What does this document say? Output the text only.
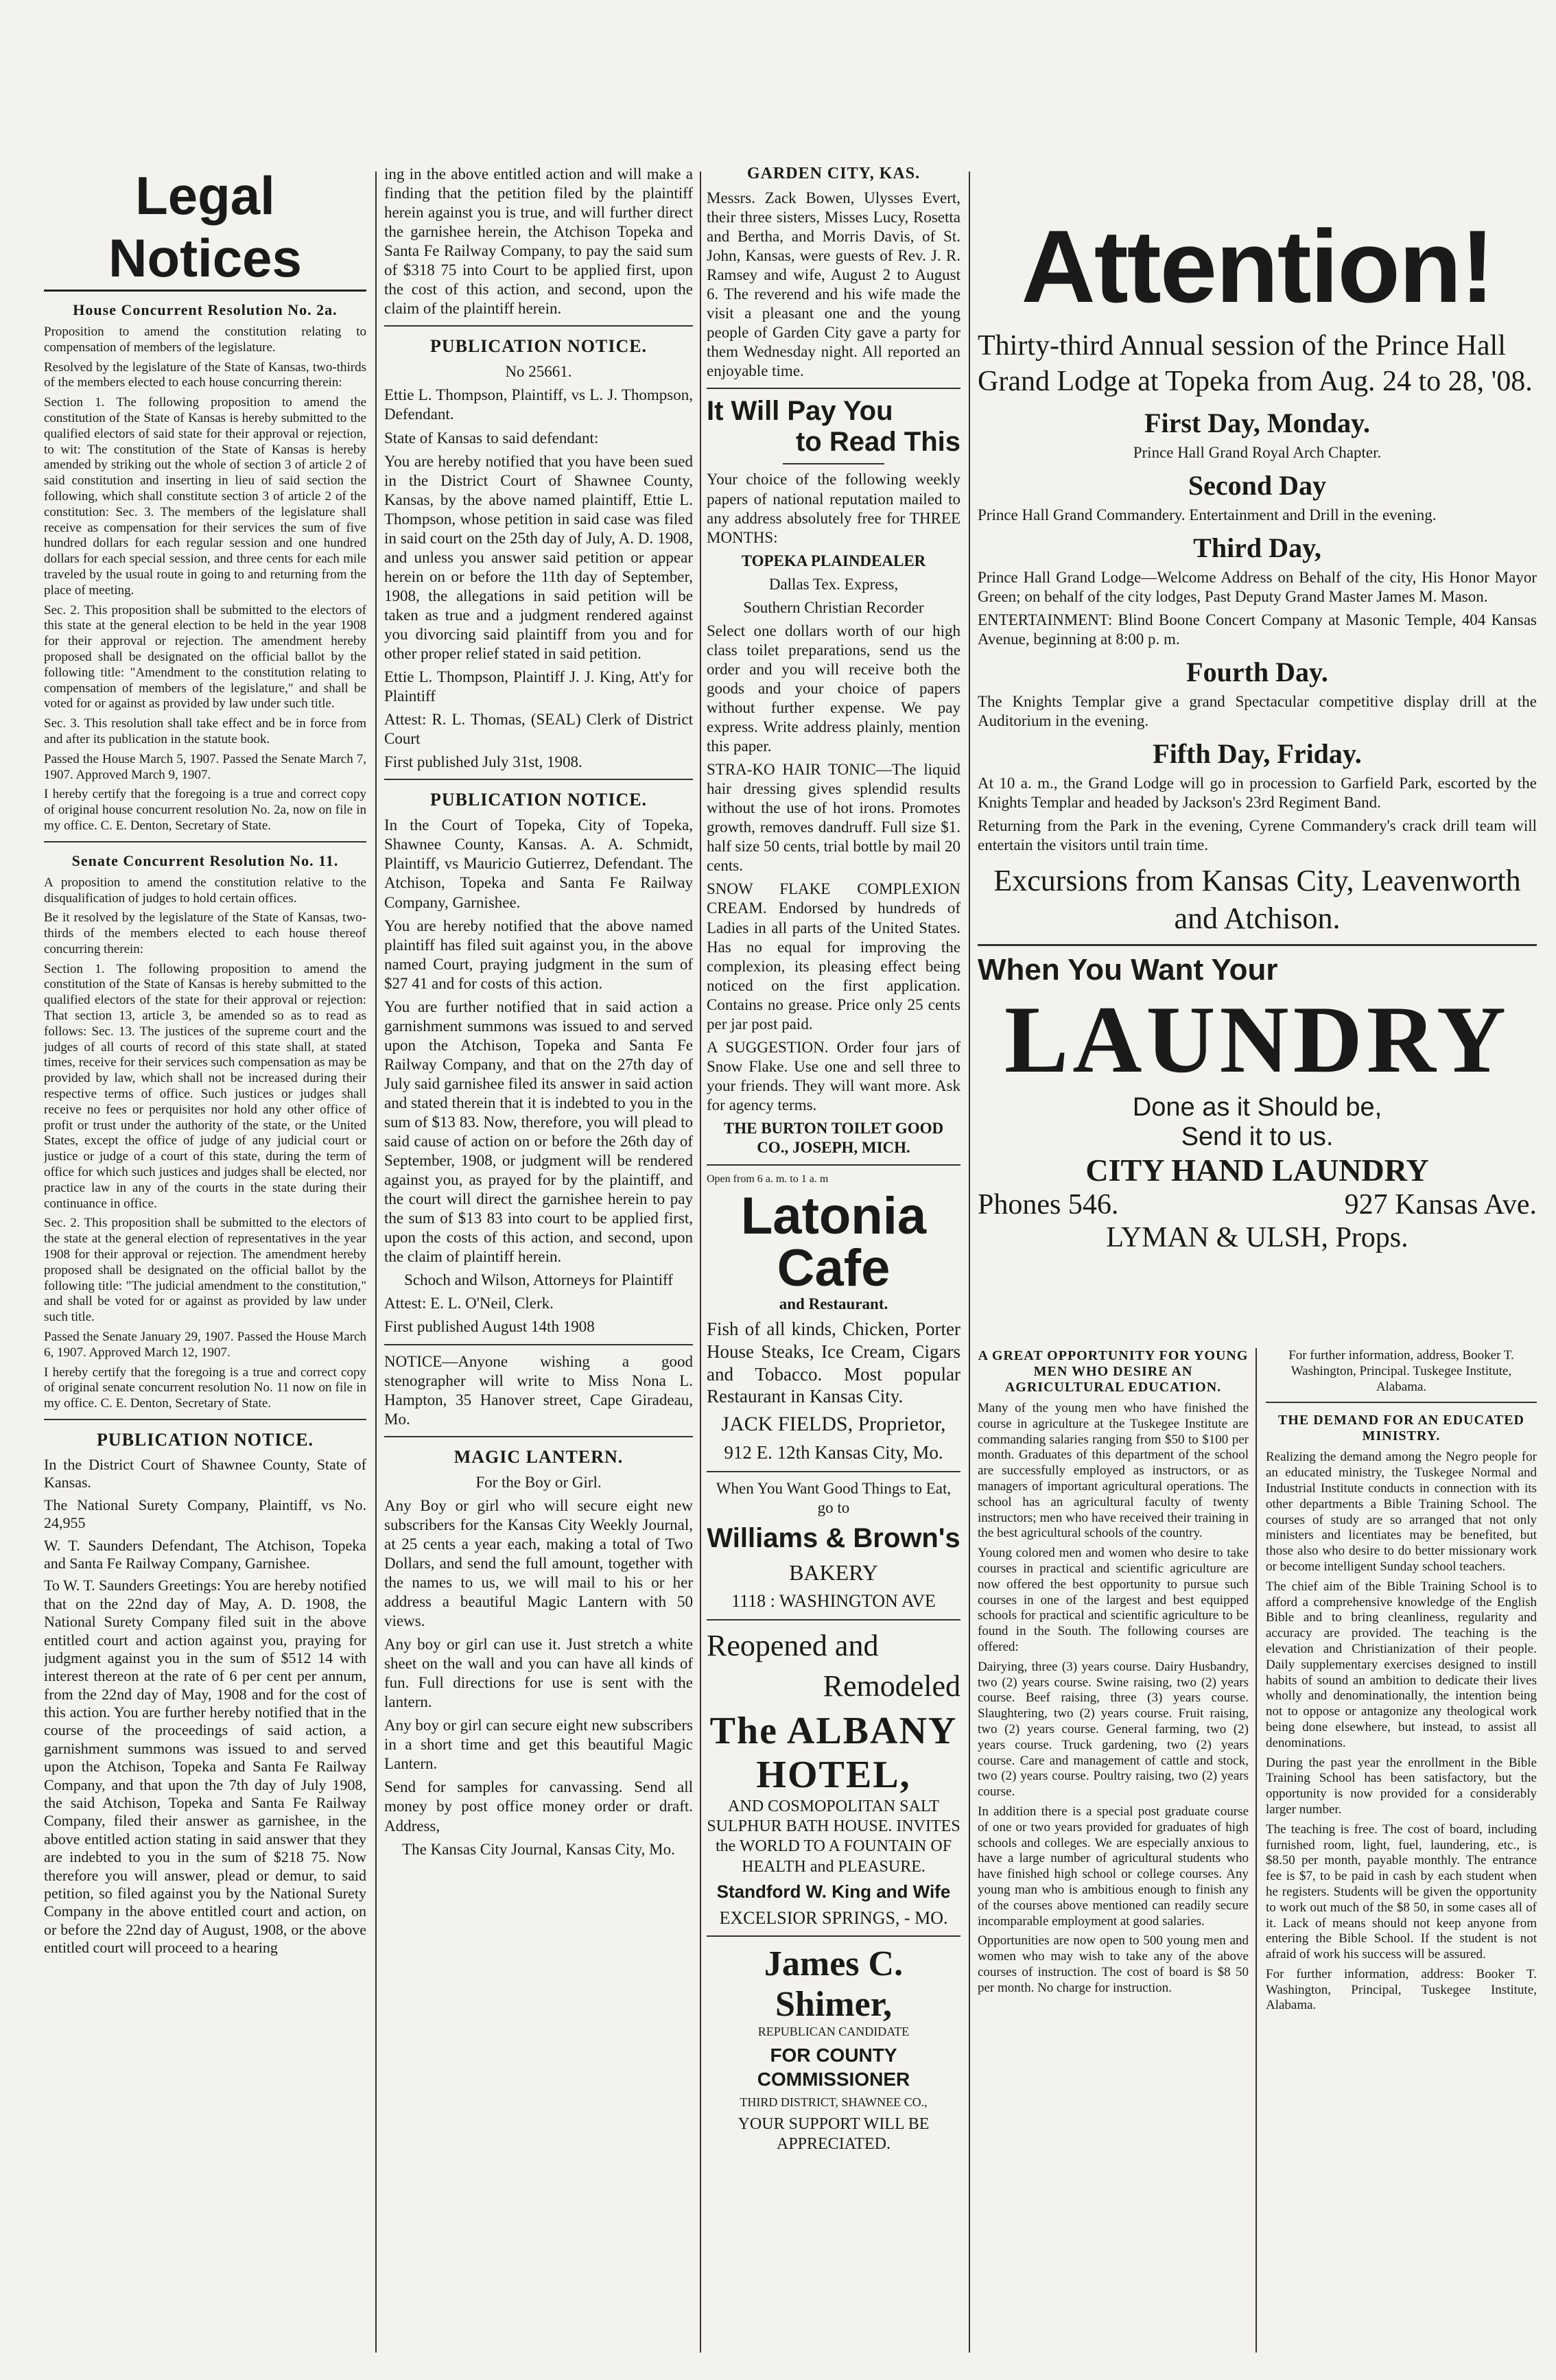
Legal Notices
House Concurrent Resolution No. 2a.

Proposition to amend the constitution relating to compensation of members of the legislature.

Resolved by the legislature of the State of Kansas, two-thirds of the members elected to each house concurring therein:

Section 1. The following proposition to amend the constitution of the State of Kansas is hereby submitted to the qualified electors of said state for their approval or rejection, to wit: The constitution of the State of Kansas is hereby amended by striking out the whole of section 3 of article 2 of said constitution and inserting in lieu of said section the following, which shall constitute section 3 of article 2 of the constitution: Sec. 3. The members of the legislature shall receive as compensation for their services the sum of five hundred dollars for each regular session and one hundred dollars for each special session, and three cents for each mile traveled by the usual route in going to and returning from the place of meeting.

Sec. 2. This proposition shall be submitted to the electors of this state at the general election to be held in the year 1908 for their approval or rejection. The amendment hereby proposed shall be designated on the official ballot by the following title: "Amendment to the constitution relating to compensation of members of the legislature," and shall be voted for or against as provided by law under such title.

Sec. 3. This resolution shall take effect and be in force from and after its publication in the statute book.

Passed the House March 5, 1907. Passed the Senate March 7, 1907. Approved March 9, 1907.

I hereby certify that the foregoing is a true and correct copy of original house concurrent resolution No. 2a, now on file in my office. C. E. Denton, Secretary of State.

Senate Concurrent Resolution No. 11.

A proposition to amend the constitution relative to the disqualification of judges to hold certain offices.

Be it resolved by the legislature of the State of Kansas, two-thirds of the members elected to each house thereof concurring therein:

Section 1. The following proposition to amend the constitution of the State of Kansas is hereby submitted to the qualified electors of the state for their approval or rejection: That section 13, article 3, be amended so as to read as follows: Sec. 13. The justices of the supreme court and the judges of all courts of record of this state shall, at stated times, receive for their services such compensation as may be provided by law, which shall not be increased during their respective terms of office. Such justices or judges shall receive no fees or perquisites nor hold any other office of profit or trust under the authority of the state, or the United States, except the office of judge of any judicial court or justice or judge of a court of this state, during the term of office for which such justices and judges shall be elected, nor practice law in any of the courts in the state during their continuance in office.

Sec. 2. This proposition shall be submitted to the electors of the state at the general election of representatives in the year 1908 for their approval or rejection. The amendment hereby proposed shall be designated on the official ballot by the following title: "The judicial amendment to the constitution," and shall be voted for or against as provided by law under such title.

Passed the Senate January 29, 1907. Passed the House March 6, 1907. Approved March 12, 1907.

I hereby certify that the foregoing is a true and correct copy of original senate concurrent resolution No. 11 now on file in my office. C. E. Denton, Secretary of State.

PUBLICATION NOTICE.

In the District Court of Shawnee County, State of Kansas.

The National Surety Company, Plaintiff, vs No. 24,955

W. T. Saunders Defendant, The Atchison, Topeka and Santa Fe Railway Company, Garnishee.

To W. T. Saunders Greetings: You are hereby notified that on the 22nd day of May, A. D. 1908, the National Surety Company filed suit in the above entitled court and action against you, praying for judgment against you in the sum of $512 14 with interest thereon at the rate of 6 per cent per annum, from the 22nd day of May, 1908 and for the cost of this action. You are further hereby notified that in the course of the proceedings of said action, a garnishment summons was issued to and served upon the Atchison, Topeka and Santa Fe Railway Company, and that upon the 7th day of July 1908, the said Atchison, Topeka and Santa Fe Railway Company, filed their answer as garnishee, in the above entitled action stating in said answer that they are indebted to you in the sum of $218 75. Now therefore you will answer, plead or demur, to said petition, so filed against you by the National Surety Company in the above entitled court and action, on or before the 22nd day of August, 1908, or the above entitled court will proceed to a hearing

ing in the above entitled action and will make a finding that the petition filed by the plaintiff herein against you is true, and will further direct the garnishee herein, the Atchison Topeka and Santa Fe Railway Company, to pay the said sum of $318 75 into Court to be applied first, upon the cost of this action, and second, upon the claim of the plaintiff herein.

PUBLICATION NOTICE.

No 25661.

Ettie L. Thompson, Plaintiff, vs L. J. Thompson, Defendant.

State of Kansas to said defendant:

You are hereby notified that you have been sued in the District Court of Shawnee County, Kansas, by the above named plaintiff, Ettie L. Thompson, whose petition in said case was filed in said court on the 25th day of July, A. D. 1908, and unless you answer said petition or appear herein on or before the 11th day of September, 1908, the allegations in said petition will be taken as true and a judgment rendered against you divorcing said plaintiff from you and for other proper relief stated in said petition.

Ettie L. Thompson, Plaintiff J. J. King, Att'y for Plaintiff

Attest: R. L. Thomas, (SEAL) Clerk of District Court

First published July 31st, 1908.

PUBLICATION NOTICE.

In the Court of Topeka, City of Topeka, Shawnee County, Kansas. A. A. Schmidt, Plaintiff, vs Mauricio Gutierrez, Defendant. The Atchison, Topeka and Santa Fe Railway Company, Garnishee.

You are hereby notified that the above named plaintiff has filed suit against you, in the above named Court, praying judgment in the sum of $27 41 and for costs of this action.

You are further notified that in said action a garnishment summons was issued to and served upon the Atchison, Topeka and Santa Fe Railway Company, and that on the 27th day of July said garnishee filed its answer in said action and stated therein that it is indebted to you in the sum of $13 83. Now, therefore, you will plead to said cause of action on or before the 26th day of September, 1908, or judgment will be rendered against you, as prayed for by the plaintiff, and the court will direct the garnishee herein to pay the sum of $13 83 into court to be applied first, upon the costs of this action, and second, upon the claim of plaintiff herein.

Schoch and Wilson, Attorneys for Plaintiff

Attest: E. L. O'Neil, Clerk.

First published August 14th 1908

NOTICE—Anyone wishing a good stenographer will write to Miss Nona L. Hampton, 35 Hanover street, Cape Giradeau, Mo.

MAGIC LANTERN.

For the Boy or Girl.

Any Boy or girl who will secure eight new subscribers for the Kansas City Weekly Journal, at 25 cents a year each, making a total of Two Dollars, and send the full amount, together with the names to us, we will mail to his or her address a beautiful Magic Lantern with 50 views.

Any boy or girl can use it. Just stretch a white sheet on the wall and you can have all kinds of fun. Full directions for use is sent with the lantern.

Any boy or girl can secure eight new subscribers in a short time and get this beautiful Magic Lantern.

Send for samples for canvassing. Send all money by post office money order or draft. Address,

The Kansas City Journal, Kansas City, Mo.

GARDEN CITY, KAS.

Messrs. Zack Bowen, Ulysses Evert, their three sisters, Misses Lucy, Rosetta and Bertha, and Morris Davis, of St. John, Kansas, were guests of Rev. J. R. Ramsey and wife, August 2 to August 6. The reverend and his wife made the visit a pleasant one and the young people of Garden City gave a party for them Wednesday night. All reported an enjoyable time.

It Will Pay You
to Read This

Your choice of the following weekly papers of national reputation mailed to any address absolutely free for THREE MONTHS:

TOPEKA PLAINDEALER

Dallas Tex. Express,

Southern Christian Recorder

Select one dollars worth of our high class toilet preparations, send us the order and you will receive both the goods and your choice of papers without further expense. We pay express. Write address plainly, mention this paper.

STRA-KO HAIR TONIC—The liquid hair dressing gives splendid results without the use of hot irons. Promotes growth, removes dandruff. Full size $1. half size 50 cents, trial bottle by mail 20 cents.

SNOW FLAKE COMPLEXION CREAM. Endorsed by hundreds of Ladies in all parts of the United States. Has no equal for improving the complexion, its pleasing effect being noticed on the first application. Contains no grease. Price only 25 cents per jar post paid.

A SUGGESTION. Order four jars of Snow Flake. Use one and sell three to your friends. They will want more. Ask for agency terms.

THE BURTON TOILET GOOD CO., JOSEPH, MICH.

Open from 6 a. m. to 1 a. m

Latonia Cafe

and Restaurant.

Fish of all kinds, Chicken, Porter House Steaks, Ice Cream, Cigars and Tobacco. Most popular Restaurant in Kansas City.

JACK FIELDS, Proprietor,

912 E. 12th Kansas City, Mo.

When You Want Good Things to Eat, go to

Williams & Brown's

BAKERY

1118 : WASHINGTON AVE

Reopened and

Remodeled

The ALBANY HOTEL,

AND COSMOPOLITAN SALT SULPHUR BATH HOUSE. INVITES the WORLD TO A FOUNTAIN OF HEALTH and PLEASURE.

Standford W. King and Wife

EXCELSIOR SPRINGS, - MO.

James C. Shimer,

REPUBLICAN CANDIDATE

FOR COUNTY COMMISSIONER

THIRD DISTRICT, SHAWNEE CO.,

YOUR SUPPORT WILL BE APPRECIATED.

Attention!
Thirty-third Annual session of the Prince Hall Grand Lodge at Topeka from Aug. 24 to 28, '08.
First Day, Monday.

Prince Hall Grand Royal Arch Chapter.

Second Day

Prince Hall Grand Commandery. Entertainment and Drill in the evening.

Third Day,

Prince Hall Grand Lodge—Welcome Address on Behalf of the city, His Honor Mayor Green; on behalf of the city lodges, Past Deputy Grand Master James M. Mason.

ENTERTAINMENT: Blind Boone Concert Company at Masonic Temple, 404 Kansas Avenue, beginning at 8:00 p. m.

Fourth Day.

The Knights Templar give a grand Spectacular competitive display drill at the Auditorium in the evening.

Fifth Day, Friday.

At 10 a. m., the Grand Lodge will go in procession to Garfield Park, escorted by the Knights Templar and headed by Jackson's 23rd Regiment Band.

Returning from the Park in the evening, Cyrene Commandery's crack drill team will entertain the visitors until train time.

Excursions from Kansas City, Leavenworth and Atchison.
When You Want Your
LAUNDRY
Done as it Should be,
Send it to us.
CITY HAND LAUNDRY
Phones 546.	927 Kansas Ave.
LYMAN & ULSH, Props.
A GREAT OPPORTUNITY FOR YOUNG MEN WHO DESIRE AN AGRICULTURAL EDUCATION.

Many of the young men who have finished the course in agriculture at the Tuskegee Institute are commanding salaries ranging from $50 to $100 per month. Graduates of this department of the school are successfully employed as instructors, or as managers of important agricultural operations. The school has an agricultural faculty of twenty instructors; men who have received their training in the best agricultural schools of the country.

Young colored men and women who desire to take courses in practical and scientific agriculture are now offered the best opportunity to pursue such courses in one of the largest and best equipped schools for practical and scientific agriculture to be found in the South. The following courses are offered:

Dairying, three (3) years course. Dairy Husbandry, two (2) years course. Swine raising, two (2) years course. Beef raising, three (3) years course. Slaughtering, two (2) years course. Fruit raising, two (2) years course. General farming, two (2) years course. Truck gardening, two (2) years course. Care and management of cattle and stock, two (2) years course. Poultry raising, two (2) years course.

In addition there is a special post graduate course of one or two years provided for graduates of high schools and colleges. We are especially anxious to have a large number of agricultural students who have finished high school or college courses. Any young man who is ambitious enough to finish any of the courses above mentioned can readily secure incomparable employment at good salaries.

Opportunities are now open to 500 young men and women who may wish to take any of the above courses of instruction. The cost of board is $8 50 per month. No charge for instruction.

For further information, address, Booker T. Washington, Principal. Tuskegee Institute, Alabama.

THE DEMAND FOR AN EDUCATED MINISTRY.

Realizing the demand among the Negro people for an educated ministry, the Tuskegee Normal and Industrial Institute conducts in connection with its other departments a Bible Training School. The courses of study are so arranged that not only ministers and licentiates may be benefited, but those also who desire to do better missionary work or become intelligent Sunday school teachers.

The chief aim of the Bible Training School is to afford a comprehensive knowledge of the English Bible and to bring cleanliness, regularity and accuracy are provided. The teaching is the elevation and Christianization of their people. Daily supplementary exercises designed to instill habits of sound an ambition to dedicate their lives wholly and denominationally, the intention being not to oppose or antagonize any theological work being done elsewhere, but instead, to assist all denominations.

During the past year the enrollment in the Bible Training School has been satisfactory, but the opportunity is now provided for a considerably larger number.

The teaching is free. The cost of board, including furnished room, light, fuel, laundering, etc., is $8.50 per month, payable monthly. The entrance fee is $7, to be paid in cash by each student when he registers. Students will be given the opportunity to work out much of the $8 50, in some cases all of it. Lack of means should not keep anyone from entering the Bible School. If the student is not afraid of work his success will be assured.

For further information, address: Booker T. Washington, Principal, Tuskegee Institute, Alabama.
